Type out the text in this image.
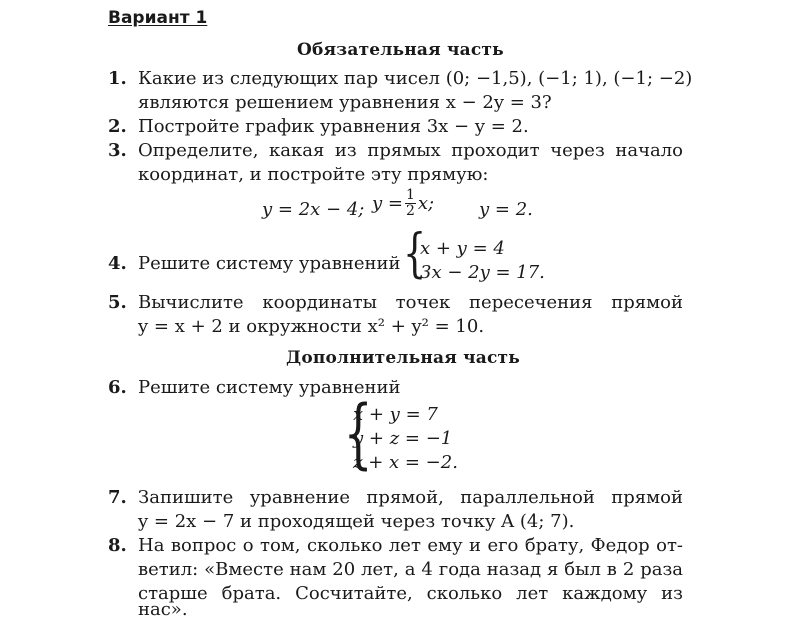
Вариант 1
Обязательная часть
1. Какие из следующих пар чисел (0; −1,5), (−1; 1), (−1; −2)
являются решением уравнения x − 2y = 3?
2. Постройте график уравнения 3x − y = 2.
3. Определите, какая из прямых проходит через начало
координат, и постройте эту прямую:
y = 2x − 4; $y = \frac{1}{2} x$; y = 2.
4. Решите систему уравнений {
x + y = 4
3x − 2y = 17.
5. Вычислите координаты точек пересечения прямой
y = x + 2 и окружности x² + y² = 10.
Дополнительная часть
6. Решите систему уравнений
{
x + y = 7
y + z = −1
z + x = −2.
7. Запишите уравнение прямой, параллельной прямой
y = 2x − 7 и проходящей через точку A (4; 7).
8. На вопрос о том, сколько лет ему и его брату, Федор от-
ветил: «Вместе нам 20 лет, а 4 года назад я был в 2 раза
старше брата. Сосчитайте, сколько лет каждому из
нас».
